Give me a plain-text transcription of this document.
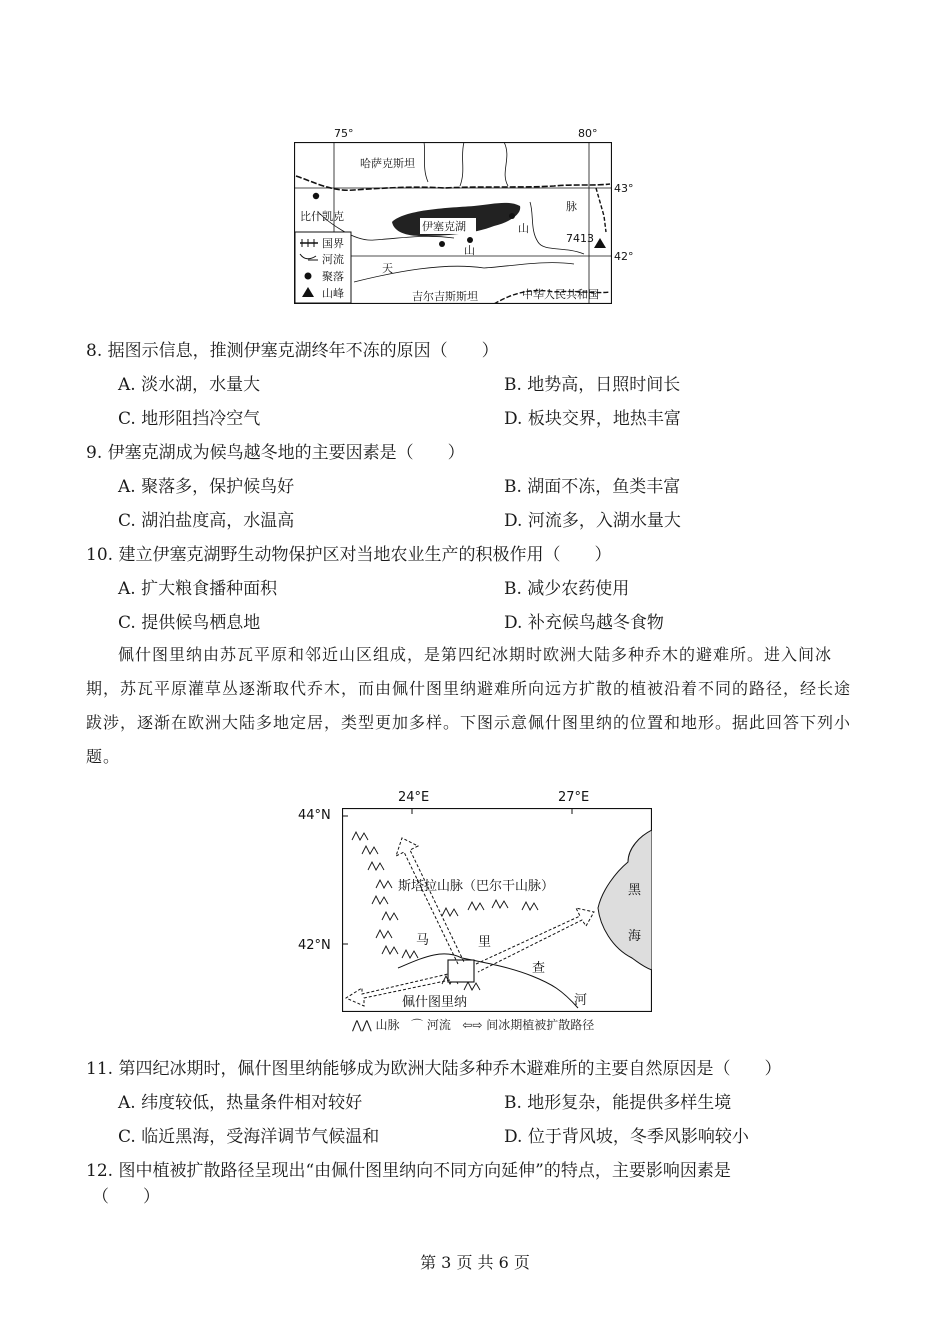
75°	80°
43°
42°
哈萨克斯坦
比什凯克
伊塞克湖
脉
山
山
天
7413
吉尔吉斯斯坦	中华人民共和国
国界
河流
聚落
山峰
8. 据图示信息，推测伊塞克湖终年不冻的原因（　　）
A. 淡水湖，水量大	B. 地势高，日照时间长
C. 地形阻挡冷空气	D. 板块交界，地热丰富
9. 伊塞克湖成为候鸟越冬地的主要因素是（　　）
A. 聚落多，保护候鸟好	B. 湖面不冻，鱼类丰富
C. 湖泊盐度高，水温高	D. 河流多，入湖水量大
10. 建立伊塞克湖野生动物保护区对当地农业生产的积极作用（　　）
A. 扩大粮食播种面积	B. 减少农药使用
C. 提供候鸟栖息地	D. 补充候鸟越冬食物

佩什图里纳由苏瓦平原和邻近山区组成，是第四纪冰期时欧洲大陆多种乔木的避难所。进入间冰期，苏瓦平原灌草丛逐渐取代乔木，而由佩什图里纳避难所向远方扩散的植被沿着不同的路径，经长途跋涉，逐渐在欧洲大陆多地定居，类型更加多样。下图示意佩什图里纳的位置和地形。据此回答下列小题。

24°E	27°E
44°N
42°N
斯塔拉山脉（巴尔干山脉）	黑
海
马	里
查
河
佩什图里纳
⋀⋀ 山脉 ⌒ 河流 ⇦⇨ 间冰期植被扩散路径
11. 第四纪冰期时，佩什图里纳能够成为欧洲大陆多种乔木避难所的主要自然原因是（　　）
A. 纬度较低，热量条件相对较好	B. 地形复杂，能提供多样生境
C. 临近黑海，受海洋调节气候温和	D. 位于背风坡，冬季风影响较小
12. 图中植被扩散路径呈现出“由佩什图里纳向不同方向延伸”的特点，主要影响因素是
（　　）
第 3 页 共 6 页
